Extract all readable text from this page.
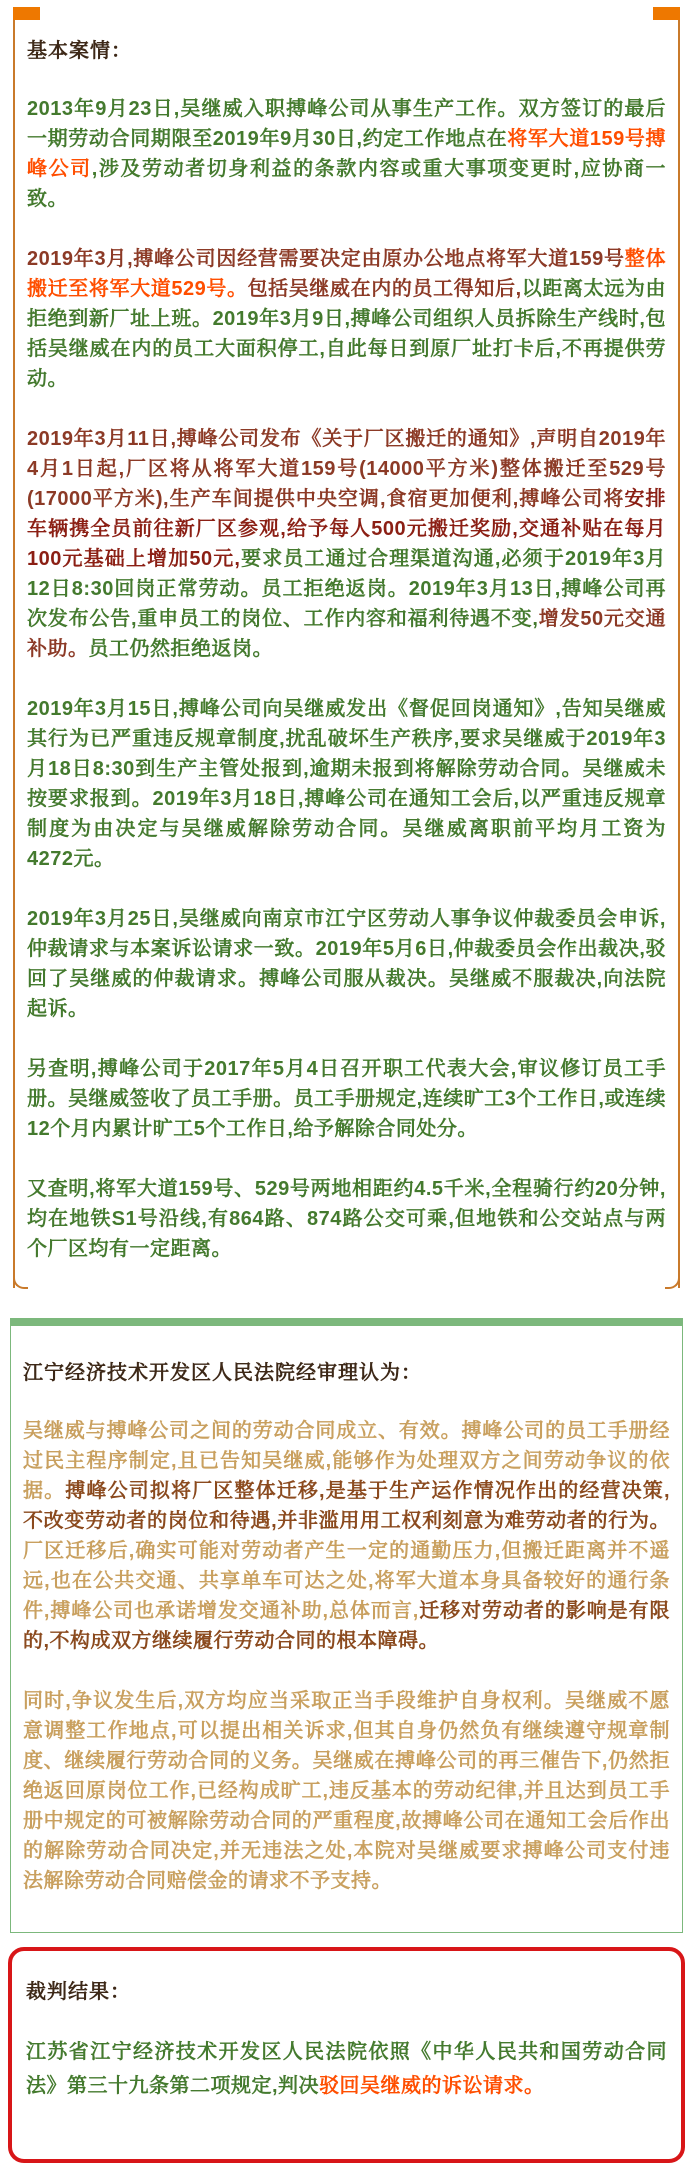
基本案情：

2013年9月23日,吴继威入职搏峰公司从事生产工作。双方签订的最后一期劳动合同期限至2019年9月30日,约定工作地点在将军大道159号搏峰公司,涉及劳动者切身利益的条款内容或重大事项变更时,应协商一致。

2019年3月,搏峰公司因经营需要决定由原办公地点将军大道159号整体搬迁至将军大道529号。包括吴继威在内的员工得知后,以距离太远为由拒绝到新厂址上班。2019年3月9日,搏峰公司组织人员拆除生产线时,包括吴继威在内的员工大面积停工,自此每日到原厂址打卡后,不再提供劳动。

2019年3月11日,搏峰公司发布《关于厂区搬迁的通知》,声明自2019年4月1日起,厂区将从将军大道159号(14000平方米)整体搬迁至529号(17000平方米),生产车间提供中央空调,食宿更加便利,搏峰公司将安排车辆携全员前往新厂区参观,给予每人500元搬迁奖励,交通补贴在每月100元基础上增加50元,要求员工通过合理渠道沟通,必须于2019年3月12日8:30回岗正常劳动。员工拒绝返岗。2019年3月13日,搏峰公司再次发布公告,重申员工的岗位、工作内容和福利待遇不变,增发50元交通补助。员工仍然拒绝返岗。

2019年3月15日,搏峰公司向吴继威发出《督促回岗通知》,告知吴继威其行为已严重违反规章制度,扰乱破坏生产秩序,要求吴继威于2019年3月18日8:30到生产主管处报到,逾期未报到将解除劳动合同。吴继威未按要求报到。2019年3月18日,搏峰公司在通知工会后,以严重违反规章制度为由决定与吴继威解除劳动合同。吴继威离职前平均月工资为4272元。

2019年3月25日,吴继威向南京市江宁区劳动人事争议仲裁委员会申诉,仲裁请求与本案诉讼请求一致。2019年5月6日,仲裁委员会作出裁决,驳回了吴继威的仲裁请求。搏峰公司服从裁决。吴继威不服裁决,向法院起诉。

另查明,搏峰公司于2017年5月4日召开职工代表大会,审议修订员工手册。吴继威签收了员工手册。员工手册规定,连续旷工3个工作日,或连续12个月内累计旷工5个工作日,给予解除合同处分。

又查明,将军大道159号、529号两地相距约4.5千米,全程骑行约20分钟,均在地铁S1号沿线,有864路、874路公交可乘,但地铁和公交站点与两个厂区均有一定距离。

江宁经济技术开发区人民法院经审理认为：

吴继威与搏峰公司之间的劳动合同成立、有效。搏峰公司的员工手册经过民主程序制定,且已告知吴继威,能够作为处理双方之间劳动争议的依据。搏峰公司拟将厂区整体迁移,是基于生产运作情况作出的经营决策,不改变劳动者的岗位和待遇,并非滥用用工权利刻意为难劳动者的行为。厂区迁移后,确实可能对劳动者产生一定的通勤压力,但搬迁距离并不遥远,也在公共交通、共享单车可达之处,将军大道本身具备较好的通行条件,搏峰公司也承诺增发交通补助,总体而言,迁移对劳动者的影响是有限的,不构成双方继续履行劳动合同的根本障碍。

同时,争议发生后,双方均应当采取正当手段维护自身权利。吴继威不愿意调整工作地点,可以提出相关诉求,但其自身仍然负有继续遵守规章制度、继续履行劳动合同的义务。吴继威在搏峰公司的再三催告下,仍然拒绝返回原岗位工作,已经构成旷工,违反基本的劳动纪律,并且达到员工手册中规定的可被解除劳动合同的严重程度,故搏峰公司在通知工会后作出的解除劳动合同决定,并无违法之处,本院对吴继威要求搏峰公司支付违法解除劳动合同赔偿金的请求不予支持。

裁判结果：

江苏省江宁经济技术开发区人民法院依照《中华人民共和国劳动合同法》第三十九条第二项规定,判决驳回吴继威的诉讼请求。
